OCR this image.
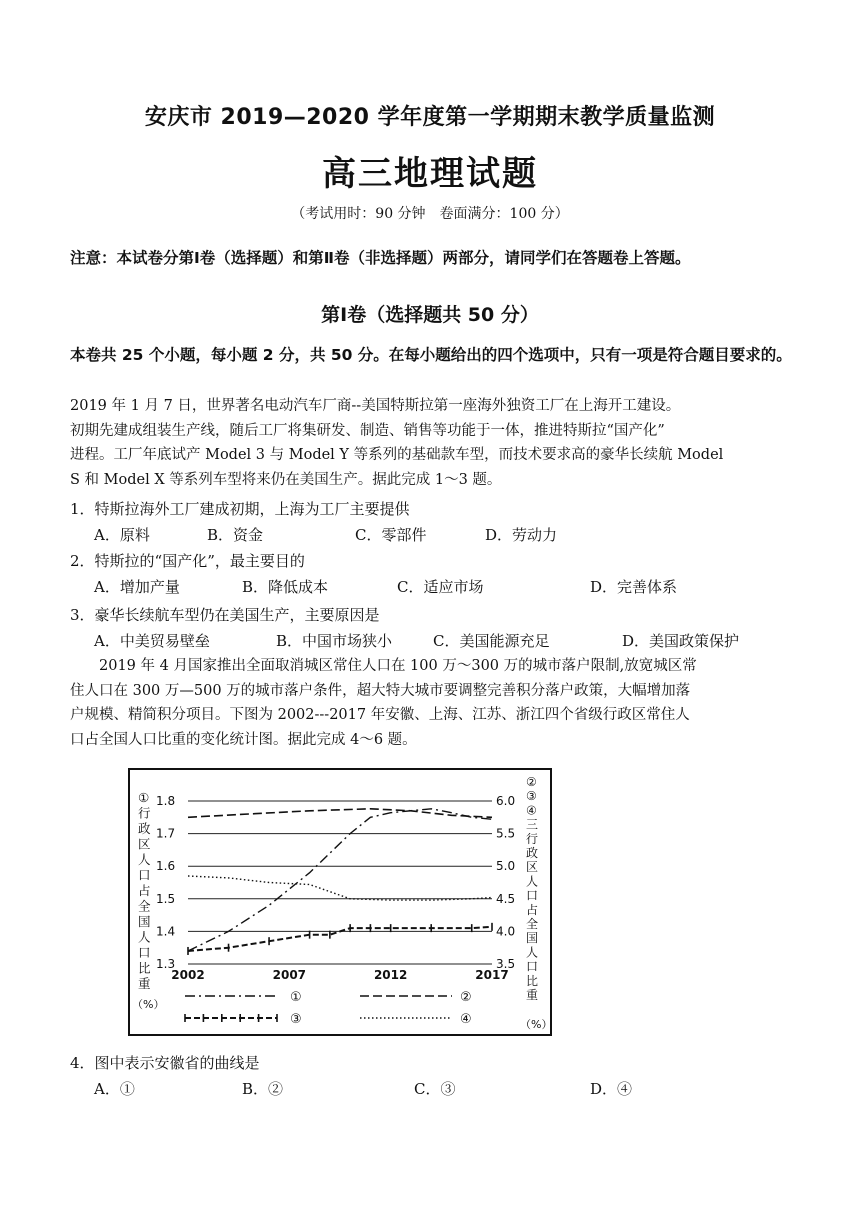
安庆市 2019—2020 学年度第一学期期末教学质量监测
高三地理试题
（考试用时：90 分钟　卷面满分：100 分）
注意：本试卷分第Ⅰ卷（选择题）和第Ⅱ卷（非选择题）两部分，请同学们在答题卷上答题。
第Ⅰ卷（选择题共 50 分）
本卷共 25 个小题，每小题 2 分，共 50 分。在每小题给出的四个选项中，只有一项是符合题目要求的。
2019 年 1 月 7 日，世界著名电动汽车厂商--美国特斯拉第一座海外独资工厂在上海开工建设。
初期先建成组装生产线，随后工厂将集研发、制造、销售等功能于一体，推进特斯拉“国产化”
进程。工厂年底试产 Model 3 与 Model Y 等系列的基础款车型，而技术要求高的豪华长续航 Model
S 和 Model X 等系列车型将来仍在美国生产。据此完成 1～3 题。
1．特斯拉海外工厂建成初期，上海为工厂主要提供
A．原料	B．资金	C．零部件	D．劳动力
2．特斯拉的“国产化”，最主要目的
A．增加产量	B．降低成本	C．适应市场	D．完善体系
3．豪华长续航车型仍在美国生产，主要原因是
A．中美贸易壁垒	B．中国市场狭小	C．美国能源充足	D．美国政策保护
　　2019 年 4 月国家推出全面取消城区常住人口在 100 万～300 万的城市落户限制,放宽城区常
住人口在 300 万—500 万的城市落户条件，超大特大城市要调整完善积分落户政策，大幅增加落
户规模、精简积分项目。下图为 2002---2017 年安徽、上海、江苏、浙江四个省级行政区常住人
口占全国人口比重的变化统计图。据此完成 4～6 题。
1.3
1.4
1.5
1.6
1.7
1.8
3.5
4.0
4.5
5.0
5.5
6.0
2002	2007	2012	2017
①
行
政
区
人
口
占
全
国
人
口
比
重
（%）
②
③
④
三
行
政
区
人
口
占
全
国
人
口
比
重
（%）
①	②
③	④
4．图中表示安徽省的曲线是
A．①	B．②	C．③	D．④
